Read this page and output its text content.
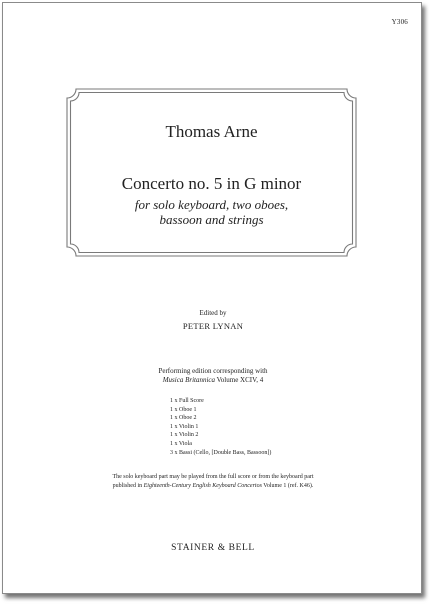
Y306
Thomas Arne
Concerto no. 5 in G minor
for solo keyboard, two oboes,
bassoon and strings
Edited by
PETER LYNAN
Performing edition corresponding with
Musica Britannica Volume XCIV, 4
1 x Full Score
1 x Oboe 1
1 x Oboe 2
1 x Violin 1
1 x Violin 2
1 x Viola
3 x Bassi (Cello, [Double Bass, Bassoon])
The solo keyboard part may be played from the full score or from the keyboard part
published in Eighteenth-Century English Keyboard Concertos Volume 1 (ref. K46).
STAINER & BELL
